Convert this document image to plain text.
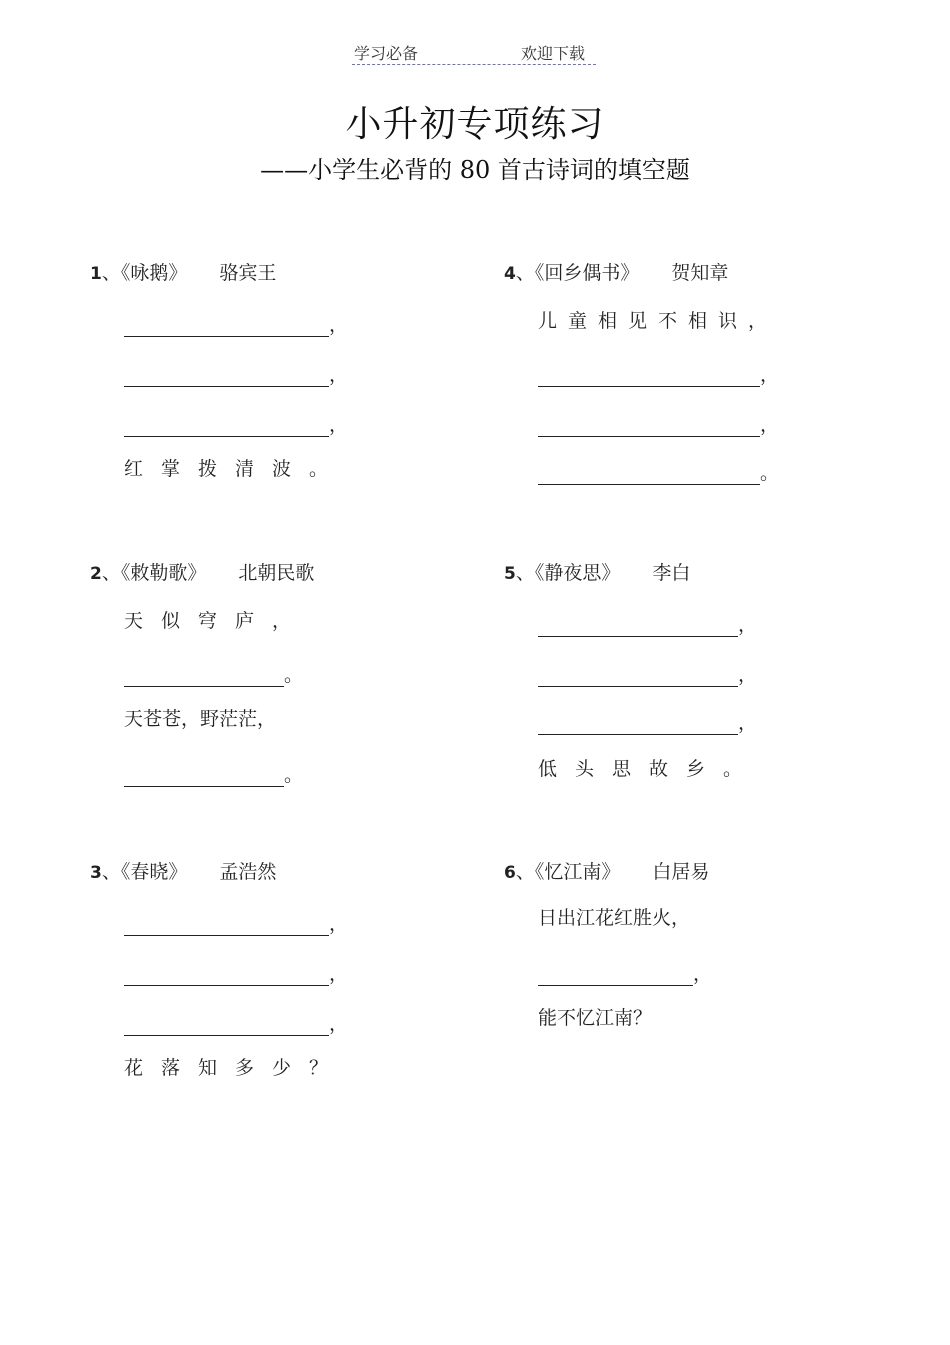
学习必备	欢迎下载
小升初专项练习
——小学生必背的 80 首古诗词的填空题
1、《咏鹅》 骆宾王
，
，
，
红掌拨清波。
2、《敕勒歌》 北朝民歌
天似穹庐，
。
天苍苍，野茫茫，
。
3、《春晓》 孟浩然
，
，
，
花落知多少？
4、《回乡偶书》 贺知章
儿童相见不相识，
，
，
。
5、《静夜思》 李白
，
，
，
低头思故乡。
6、《忆江南》 白居易
日出江花红胜火，
，
能不忆江南？
